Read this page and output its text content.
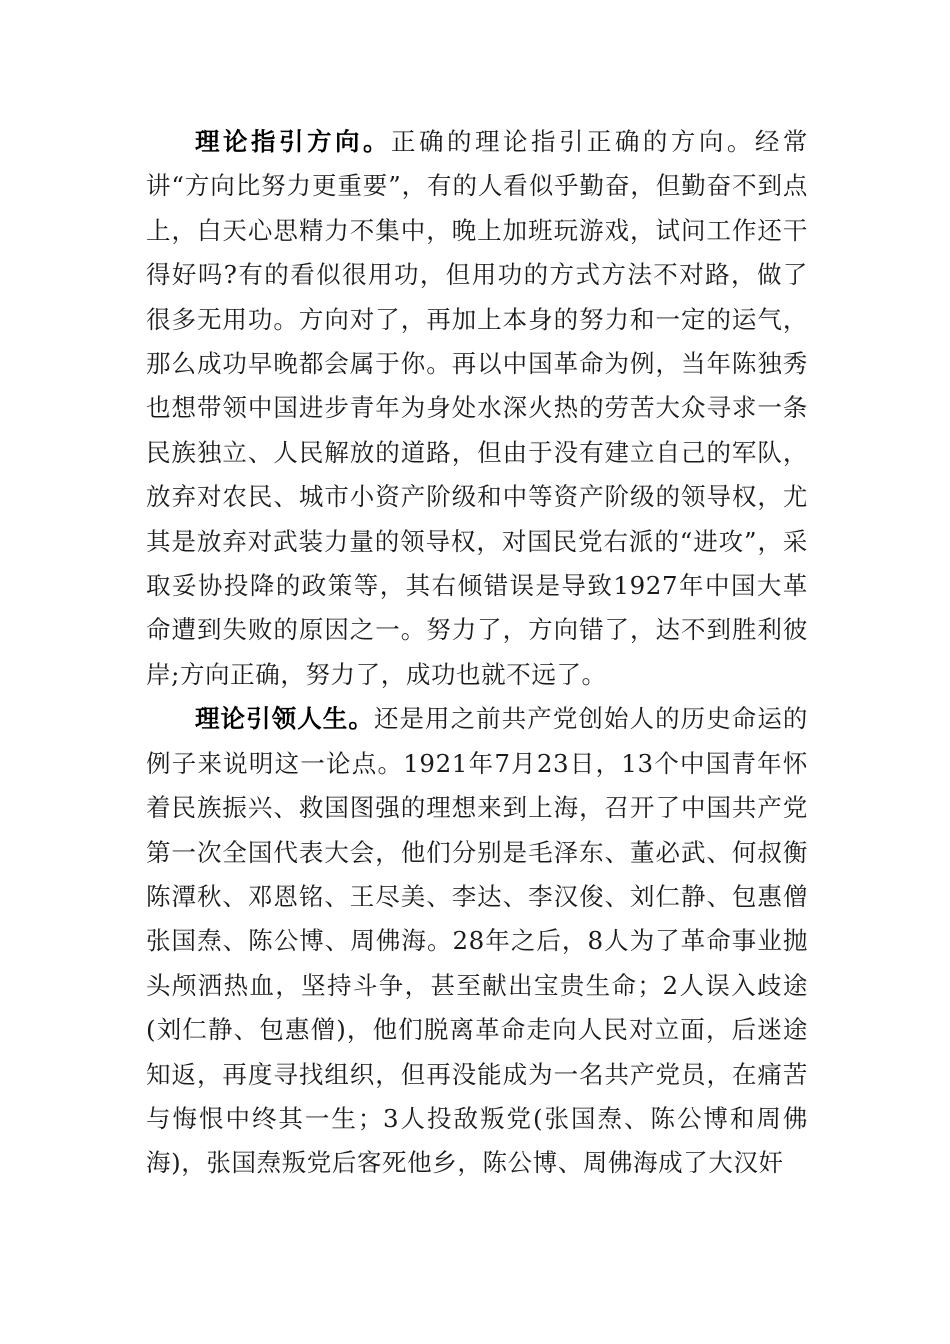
理论指引方向。正确的理论指引正确的方向。经常讲“方向比努力更重要”，有的人看似乎勤奋，但勤奋不到点上，白天心思精力不集中，晚上加班玩游戏，试问工作还干得好吗?有的看似很用功，但用功的方式方法不对路，做了很多无用功。方向对了，再加上本身的努力和一定的运气，那么成功早晚都会属于你。再以中国革命为例，当年陈独秀也想带领中国进步青年为身处水深火热的劳苦大众寻求一条民族独立、人民解放的道路，但由于没有建立自己的军队，放弃对农民、城市小资产阶级和中等资产阶级的领导权，尤其是放弃对武装力量的领导权，对国民党右派的“进攻”，采取妥协投降的政策等，其右倾错误是导致1927年中国大革命遭到失败的原因之一。努力了，方向错了，达不到胜利彼岸;方向正确，努力了，成功也就不远了。

理论引领人生。还是用之前共产党创始人的历史命运的例子来说明这一论点。1921年7月23日，13个中国青年怀着民族振兴、救国图强的理想来到上海，召开了中国共产党第一次全国代表大会，他们分别是毛泽东、董必武、何叔衡陈潭秋、邓恩铭、王尽美、李达、李汉俊、刘仁静、包惠僧张国焘、陈公博、周佛海。28年之后，8人为了革命事业抛头颅洒热血，坚持斗争，甚至献出宝贵生命；2人误入歧途(刘仁静、包惠僧)，他们脱离革命走向人民对立面，后迷途知返，再度寻找组织，但再没能成为一名共产党员，在痛苦与悔恨中终其一生；3人投敌叛党(张国焘、陈公博和周佛海)，张国焘叛党后客死他乡，陈公博、周佛海成了大汉奸
